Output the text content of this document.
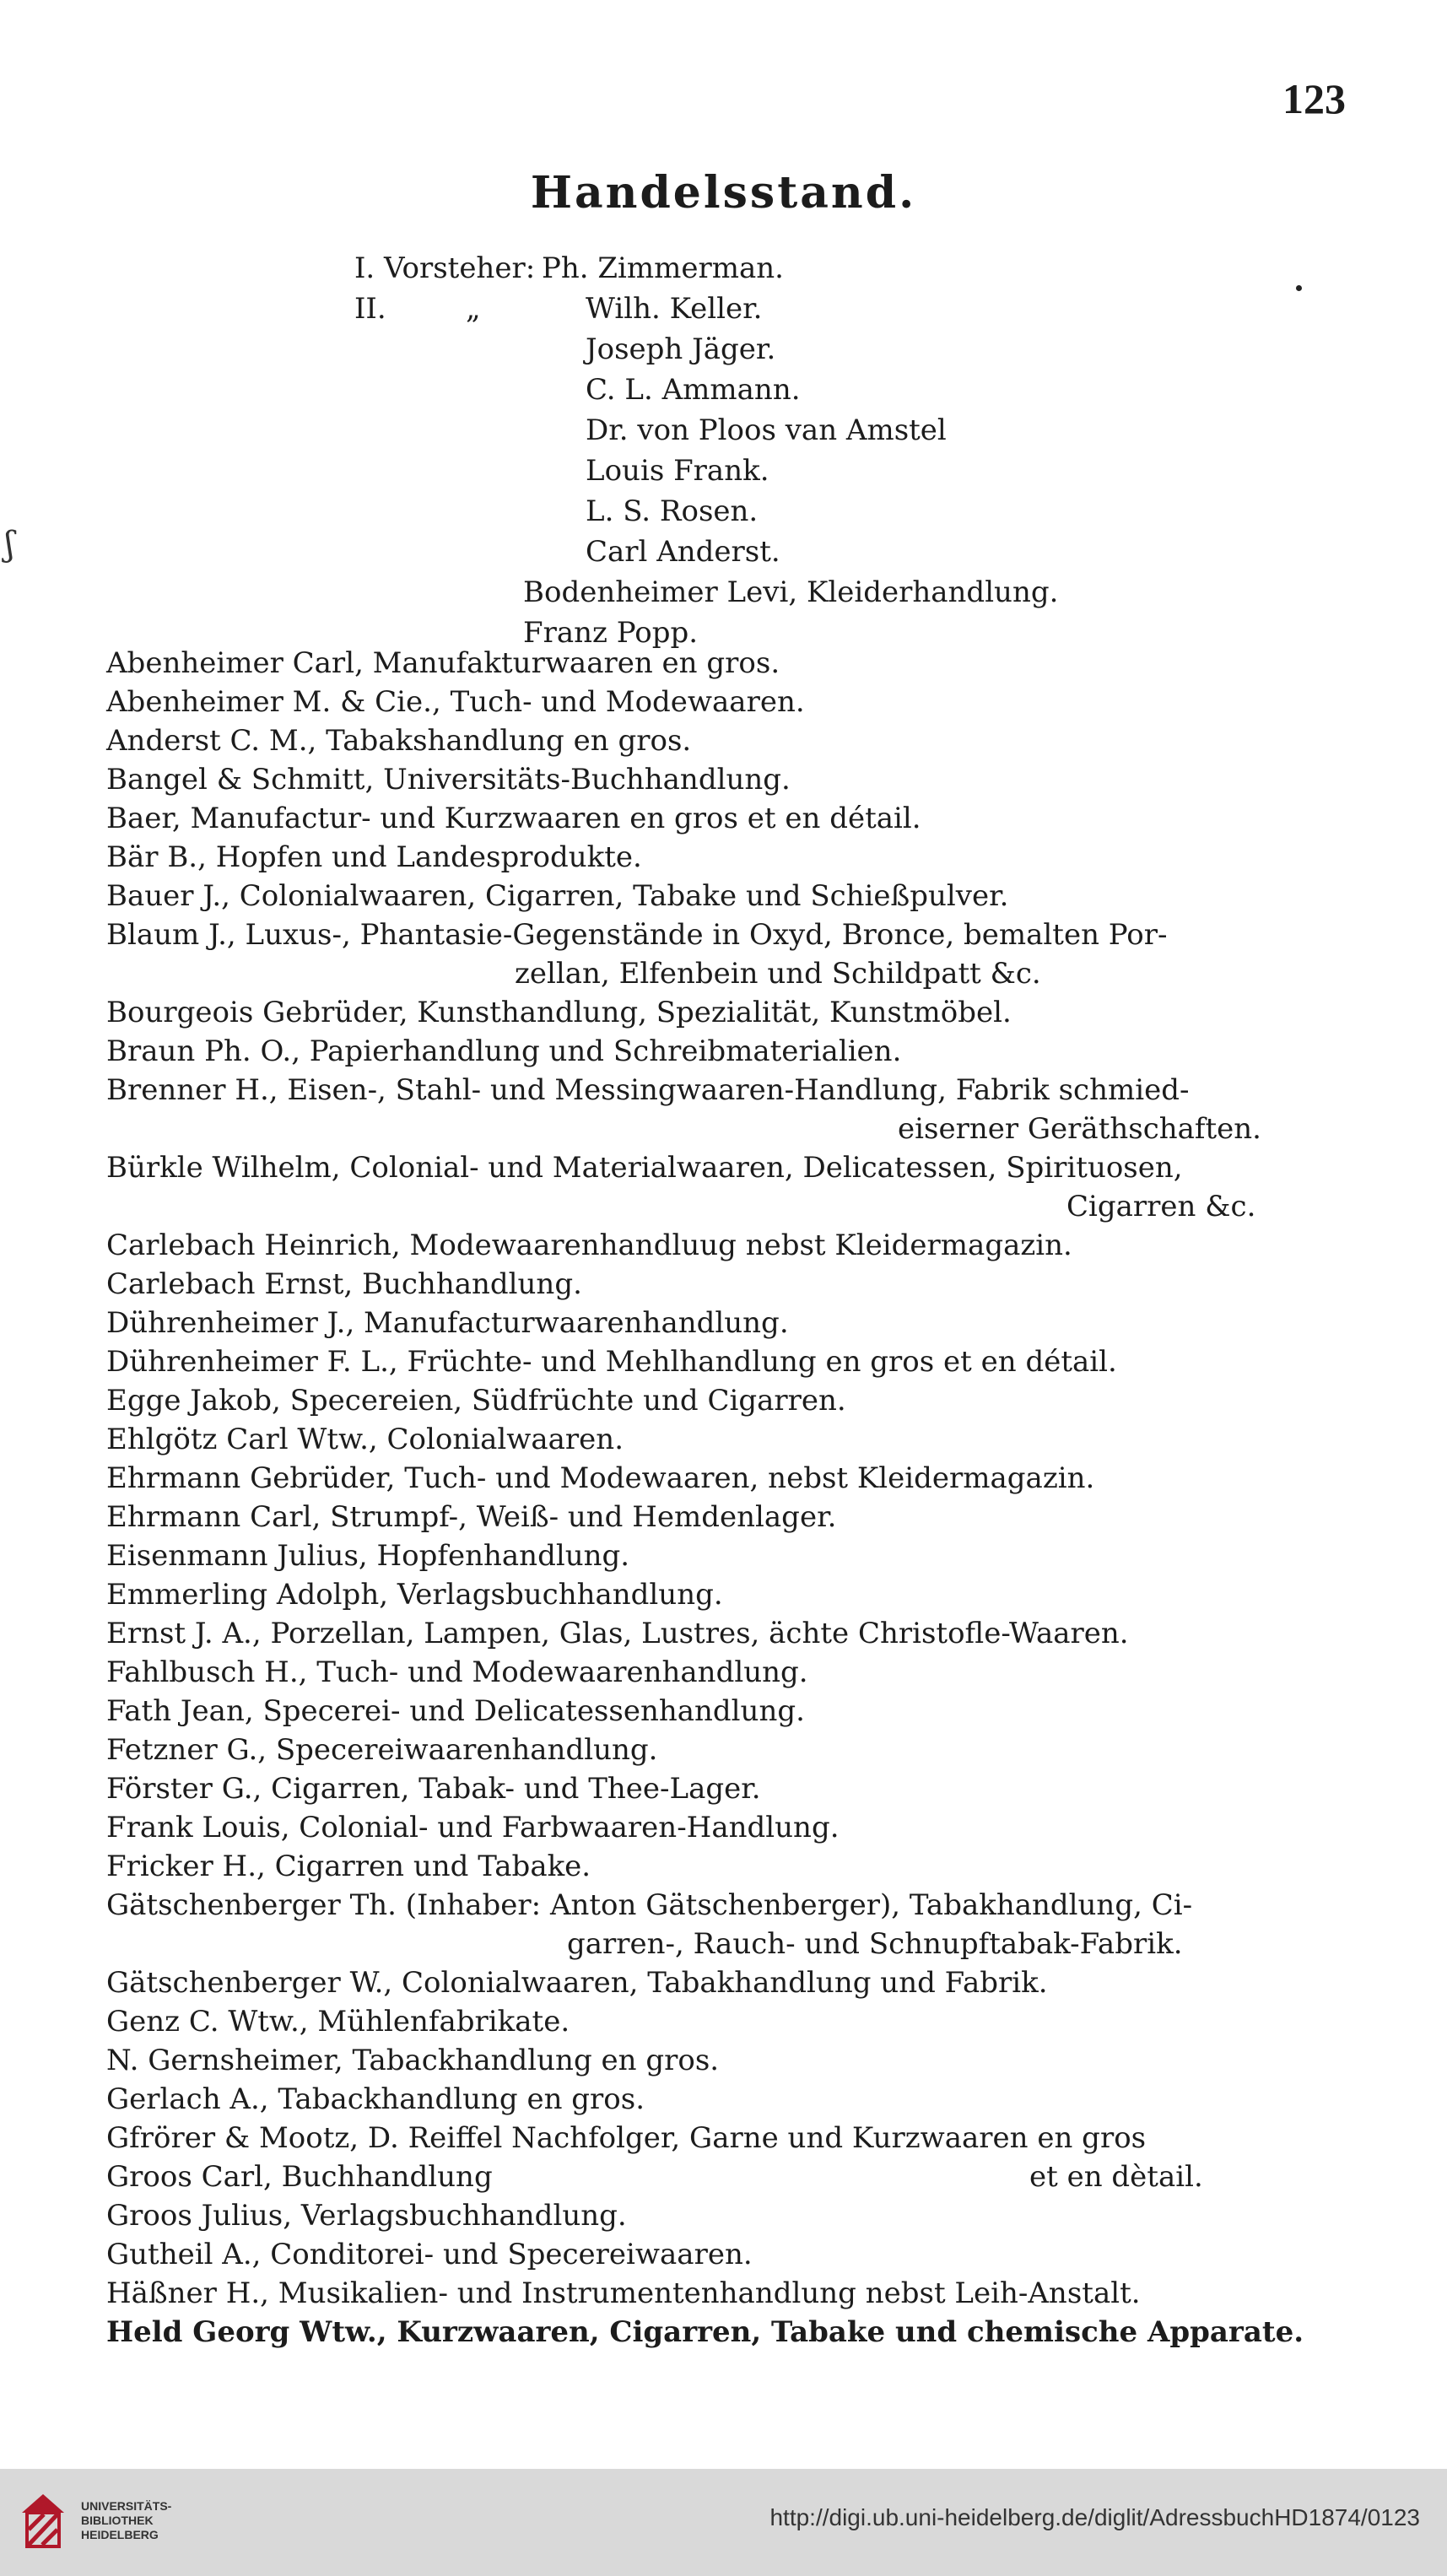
123
Handelsstand.
I. Vorsteher: Ph. Zimmerman.
II.	„	Wilh. Keller.
Joseph Jäger.
C. L. Ammann.
Dr. von Ploos van Amstel
Louis Frank.
L. S. Rosen.
Carl Anderst.
Bodenheimer Levi, Kleiderhandlung.
Franz Popp.
ʃ
Abenheimer Carl, Manufakturwaaren en gros.
Abenheimer M. & Cie., Tuch- und Modewaaren.
Anderst C. M., Tabakshandlung en gros.
Bangel & Schmitt, Universitäts-Buchhandlung.
Baer, Manufactur- und Kurzwaaren en gros et en détail.
Bär B., Hopfen und Landesprodukte.
Bauer J., Colonialwaaren, Cigarren, Tabake und Schießpulver.
Blaum J., Luxus-, Phantasie-Gegenstände in Oxyd, Bronce, bemalten Por-
zellan, Elfenbein und Schildpatt &c.
Bourgeois Gebrüder, Kunsthandlung, Spezialität, Kunstmöbel.
Braun Ph. O., Papierhandlung und Schreibmaterialien.
Brenner H., Eisen-, Stahl- und Messingwaaren-Handlung, Fabrik schmied-
eiserner Geräthschaften.
Bürkle Wilhelm, Colonial- und Materialwaaren, Delicatessen, Spirituosen,
Cigarren &c.
Carlebach Heinrich, Modewaarenhandluug nebst Kleidermagazin.
Carlebach Ernst, Buchhandlung.
Dührenheimer J., Manufacturwaarenhandlung.
Dührenheimer F. L., Früchte- und Mehlhandlung en gros et en détail.
Egge Jakob, Specereien, Südfrüchte und Cigarren.
Ehlgötz Carl Wtw., Colonialwaaren.
Ehrmann Gebrüder, Tuch- und Modewaaren, nebst Kleidermagazin.
Ehrmann Carl, Strumpf-, Weiß- und Hemdenlager.
Eisenmann Julius, Hopfenhandlung.
Emmerling Adolph, Verlagsbuchhandlung.
Ernst J. A., Porzellan, Lampen, Glas, Lustres, ächte Christofle-Waaren.
Fahlbusch H., Tuch- und Modewaarenhandlung.
Fath Jean, Specerei- und Delicatessenhandlung.
Fetzner G., Specereiwaarenhandlung.
Förster G., Cigarren, Tabak- und Thee-Lager.
Frank Louis, Colonial- und Farbwaaren-Handlung.
Fricker H., Cigarren und Tabake.
Gätschenberger Th. (Inhaber: Anton Gätschenberger), Tabakhandlung, Ci-
garren-, Rauch- und Schnupftabak-Fabrik.
Gätschenberger W., Colonialwaaren, Tabakhandlung und Fabrik.
Genz C. Wtw., Mühlenfabrikate.
N. Gernsheimer, Tabackhandlung en gros.
Gerlach A., Tabackhandlung en gros.
Gfrörer & Mootz, D. Reiffel Nachfolger, Garne und Kurzwaaren en gros
Groos Carl, Buchhandlung	et en dètail.
Groos Julius, Verlagsbuchhandlung.
Gutheil A., Conditorei- und Specereiwaaren.
Häßner H., Musikalien- und Instrumentenhandlung nebst Leih-Anstalt.
Held Georg Wtw., Kurzwaaren, Cigarren, Tabake und chemische Apparate.
UNIVERSITÄTS-
BIBLIOTHEK
HEIDELBERG
http://digi.ub.uni-heidelberg.de/diglit/AdressbuchHD1874/0123
